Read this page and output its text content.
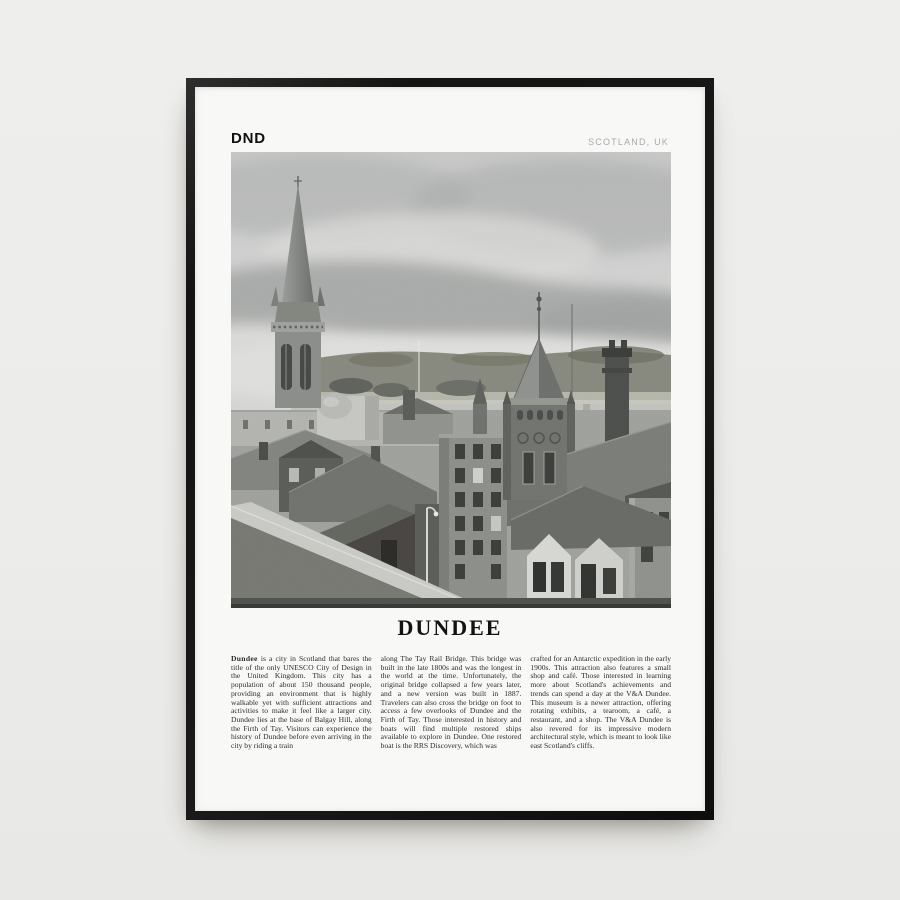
DND	SCOTLAND, UK
DUNDEE
Dundee is a city in Scotland that bares the title of the only UNESCO City of Design in the United Kingdom. This city has a population of about 150 thousand people, providing an environment that is highly walkable yet with sufficient attractions and activities to make it feel like a larger city. Dundee lies at the base of Balgay Hill, along the Firth of Tay. Visitors can experience the history of Dundee before even arriving in the city by riding a train
along The Tay Rail Bridge. This bridge was built in the late 1800s and was the longest in the world at the time. Unfortunately, the original bridge collapsed a few years later, and a new version was built in 1887. Travelers can also cross the bridge on foot to access a few overlooks of Dundee and the Firth of Tay. Those interested in history and boats will find multiple restored ships available to explore in Dundee. One restored boat is the RRS Discovery, which was
crafted for an Antarctic expedition in the early 1900s. This attraction also features a small shop and café. Those interested in learning more about Scotland's achievements and trends can spend a day at the V&A Dundee. This museum is a newer attraction, offering rotating exhibits, a tearoom, a café, a restaurant, and a shop. The V&A Dundee is also revered for its impressive modern architectural style, which is meant to look like east Scotland's cliffs.
